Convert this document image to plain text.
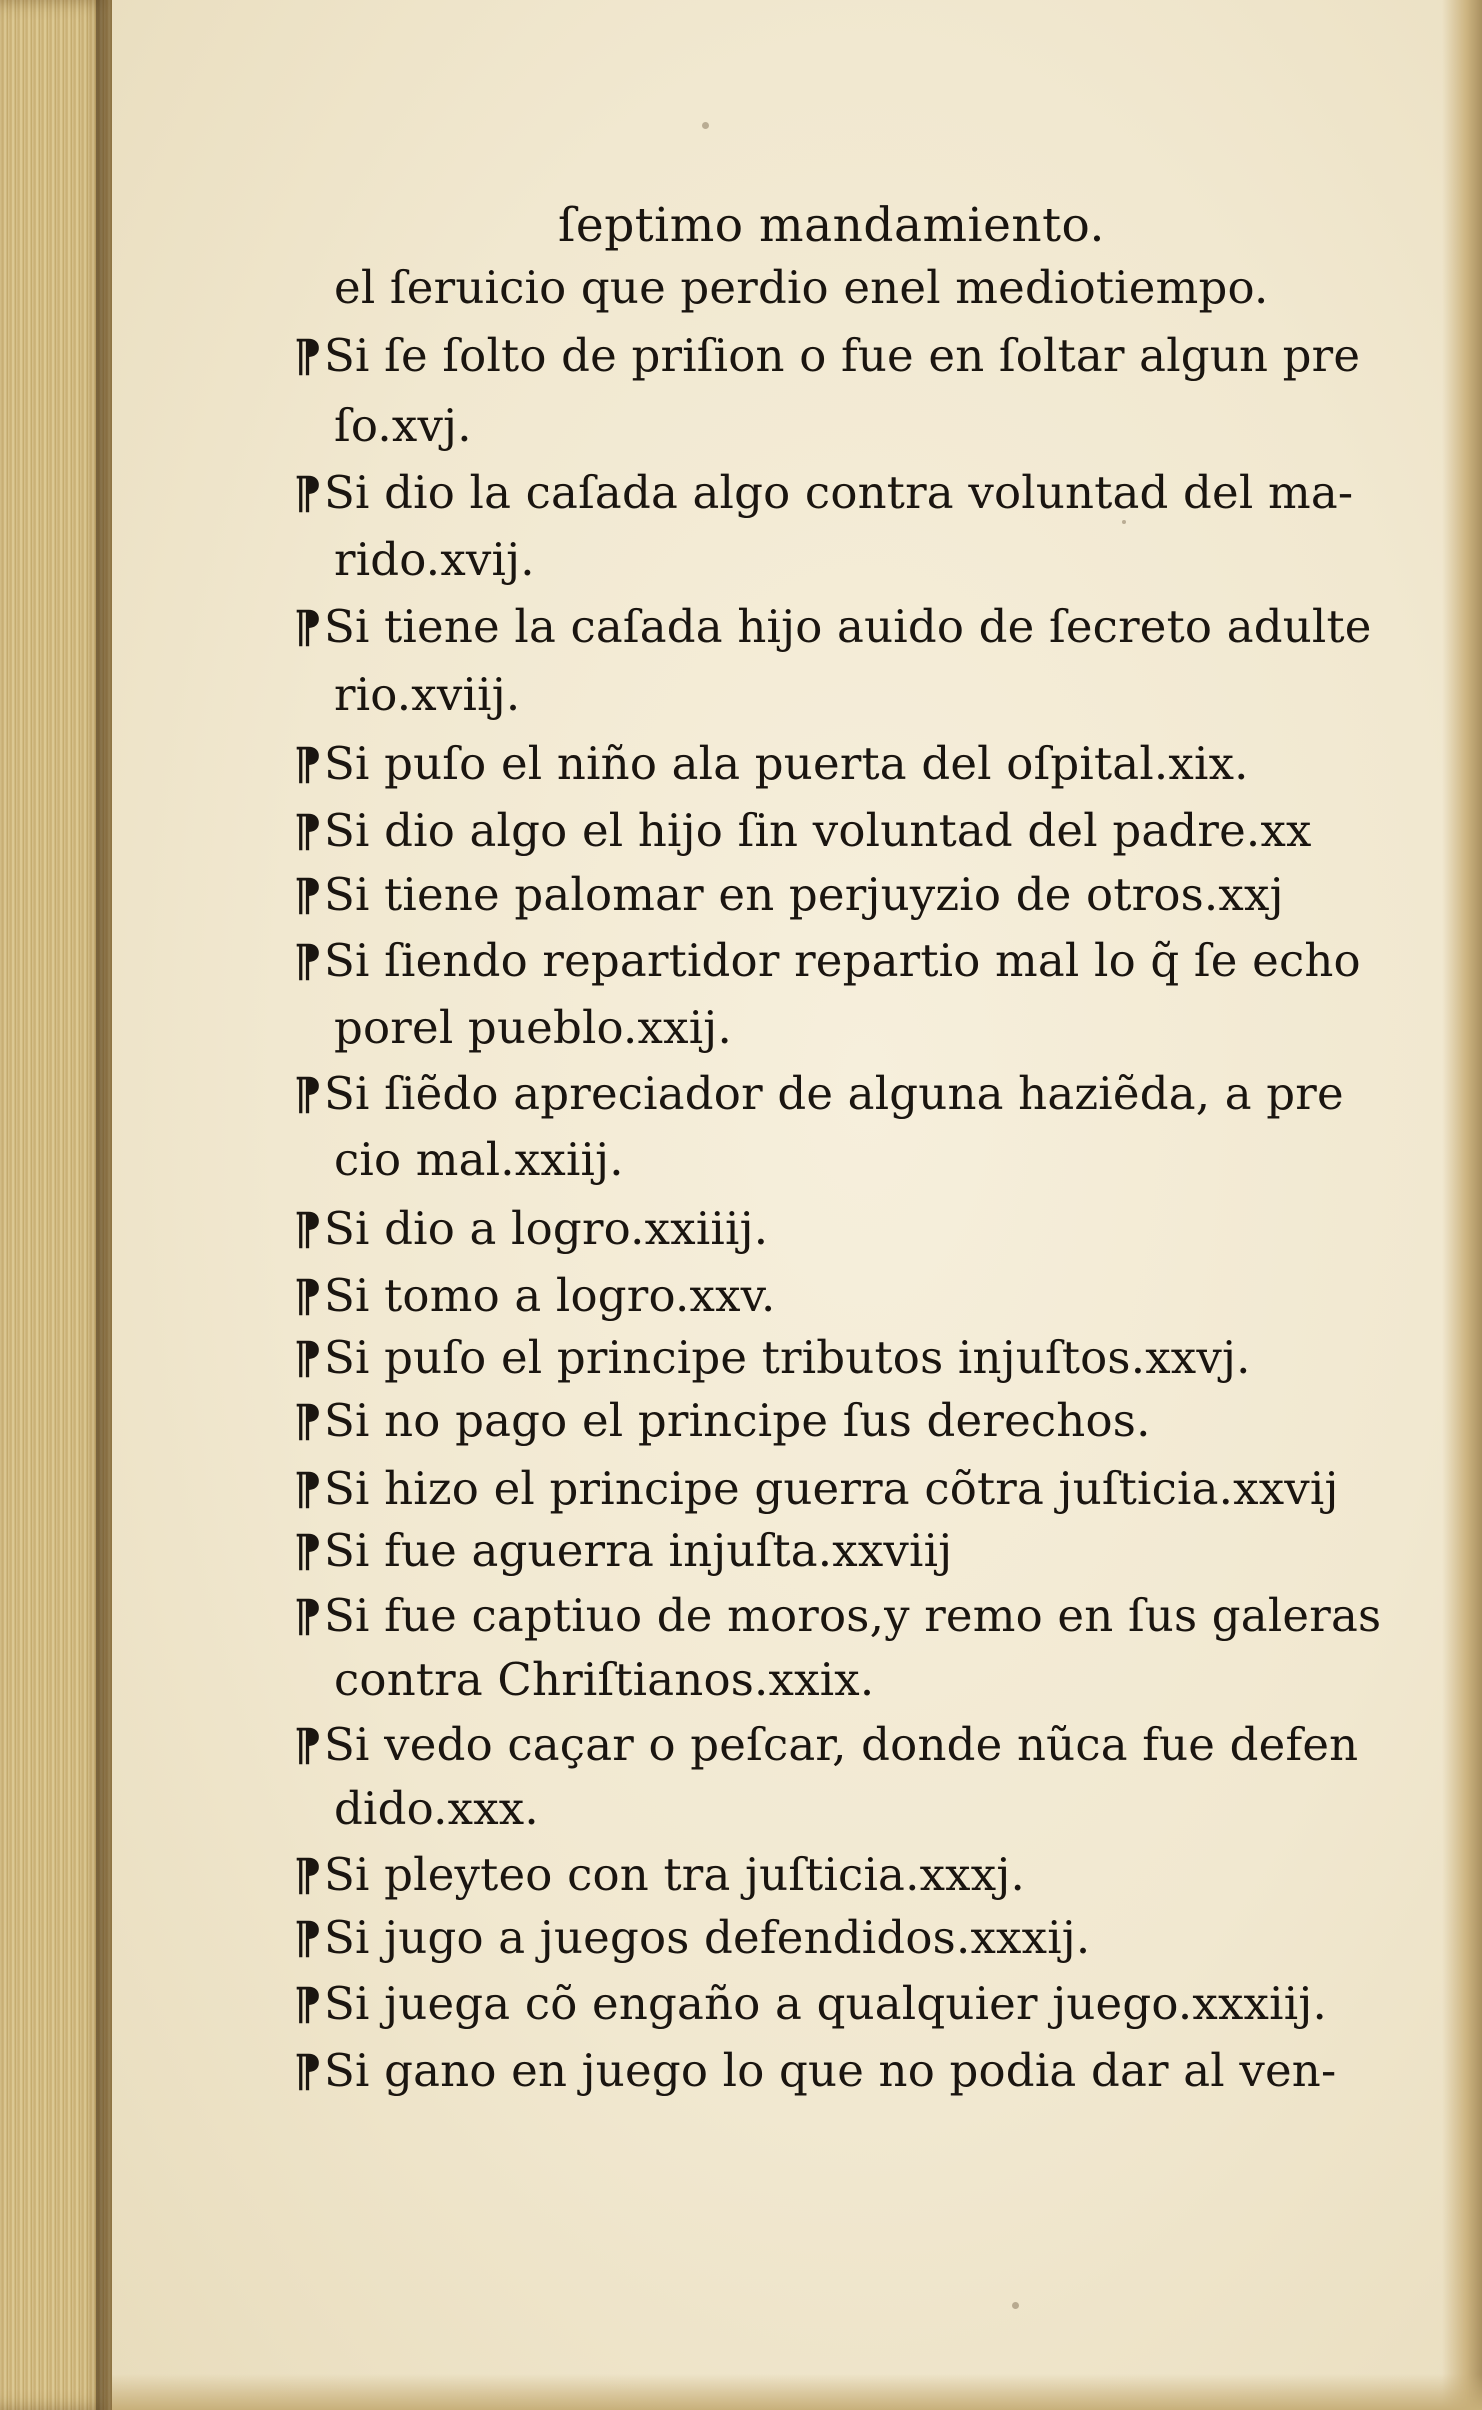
ſeptimo mandamiento.
el ſeruicio que perdio enel mediotiempo.
¶Si ſe ſolto de priſion o fue en ſoltar algun pre
ſo.xvj.
¶Si dio la caſada algo contra voluntad del ma-
rido.xvij.
¶Si tiene la caſada hijo auido de ſecreto adulte
rio.xviij.
¶Si puſo el niño ala puerta del oſpital.xix.
¶Si dio algo el hijo ſin voluntad del padre.xx
¶Si tiene palomar en perjuyzio de otros.xxj
¶Si ſiendo repartidor repartio mal lo q̃ ſe echo
porel pueblo.xxij.
¶Si ſiẽdo apreciador de alguna haziẽda, a pre
cio mal.xxiij.
¶Si dio a logro.xxiiij.
¶Si tomo a logro.xxv.
¶Si puſo el principe tributos injuſtos.xxvj.
¶Si no pago el principe ſus derechos.
¶Si hizo el principe guerra cõtra juſticia.xxvij
¶Si fue aguerra injuſta.xxviij
¶Si fue captiuo de moros,y remo en ſus galeras
contra Chriſtianos.xxix.
¶Si vedo caçar o peſcar, donde nũca fue defen
dido.xxx.
¶Si pleyteo con tra juſticia.xxxj.
¶Si jugo a juegos defendidos.xxxij.
¶Si juega cõ engaño a qualquier juego.xxxiij.
¶Si gano en juego lo que no podia dar al ven-
